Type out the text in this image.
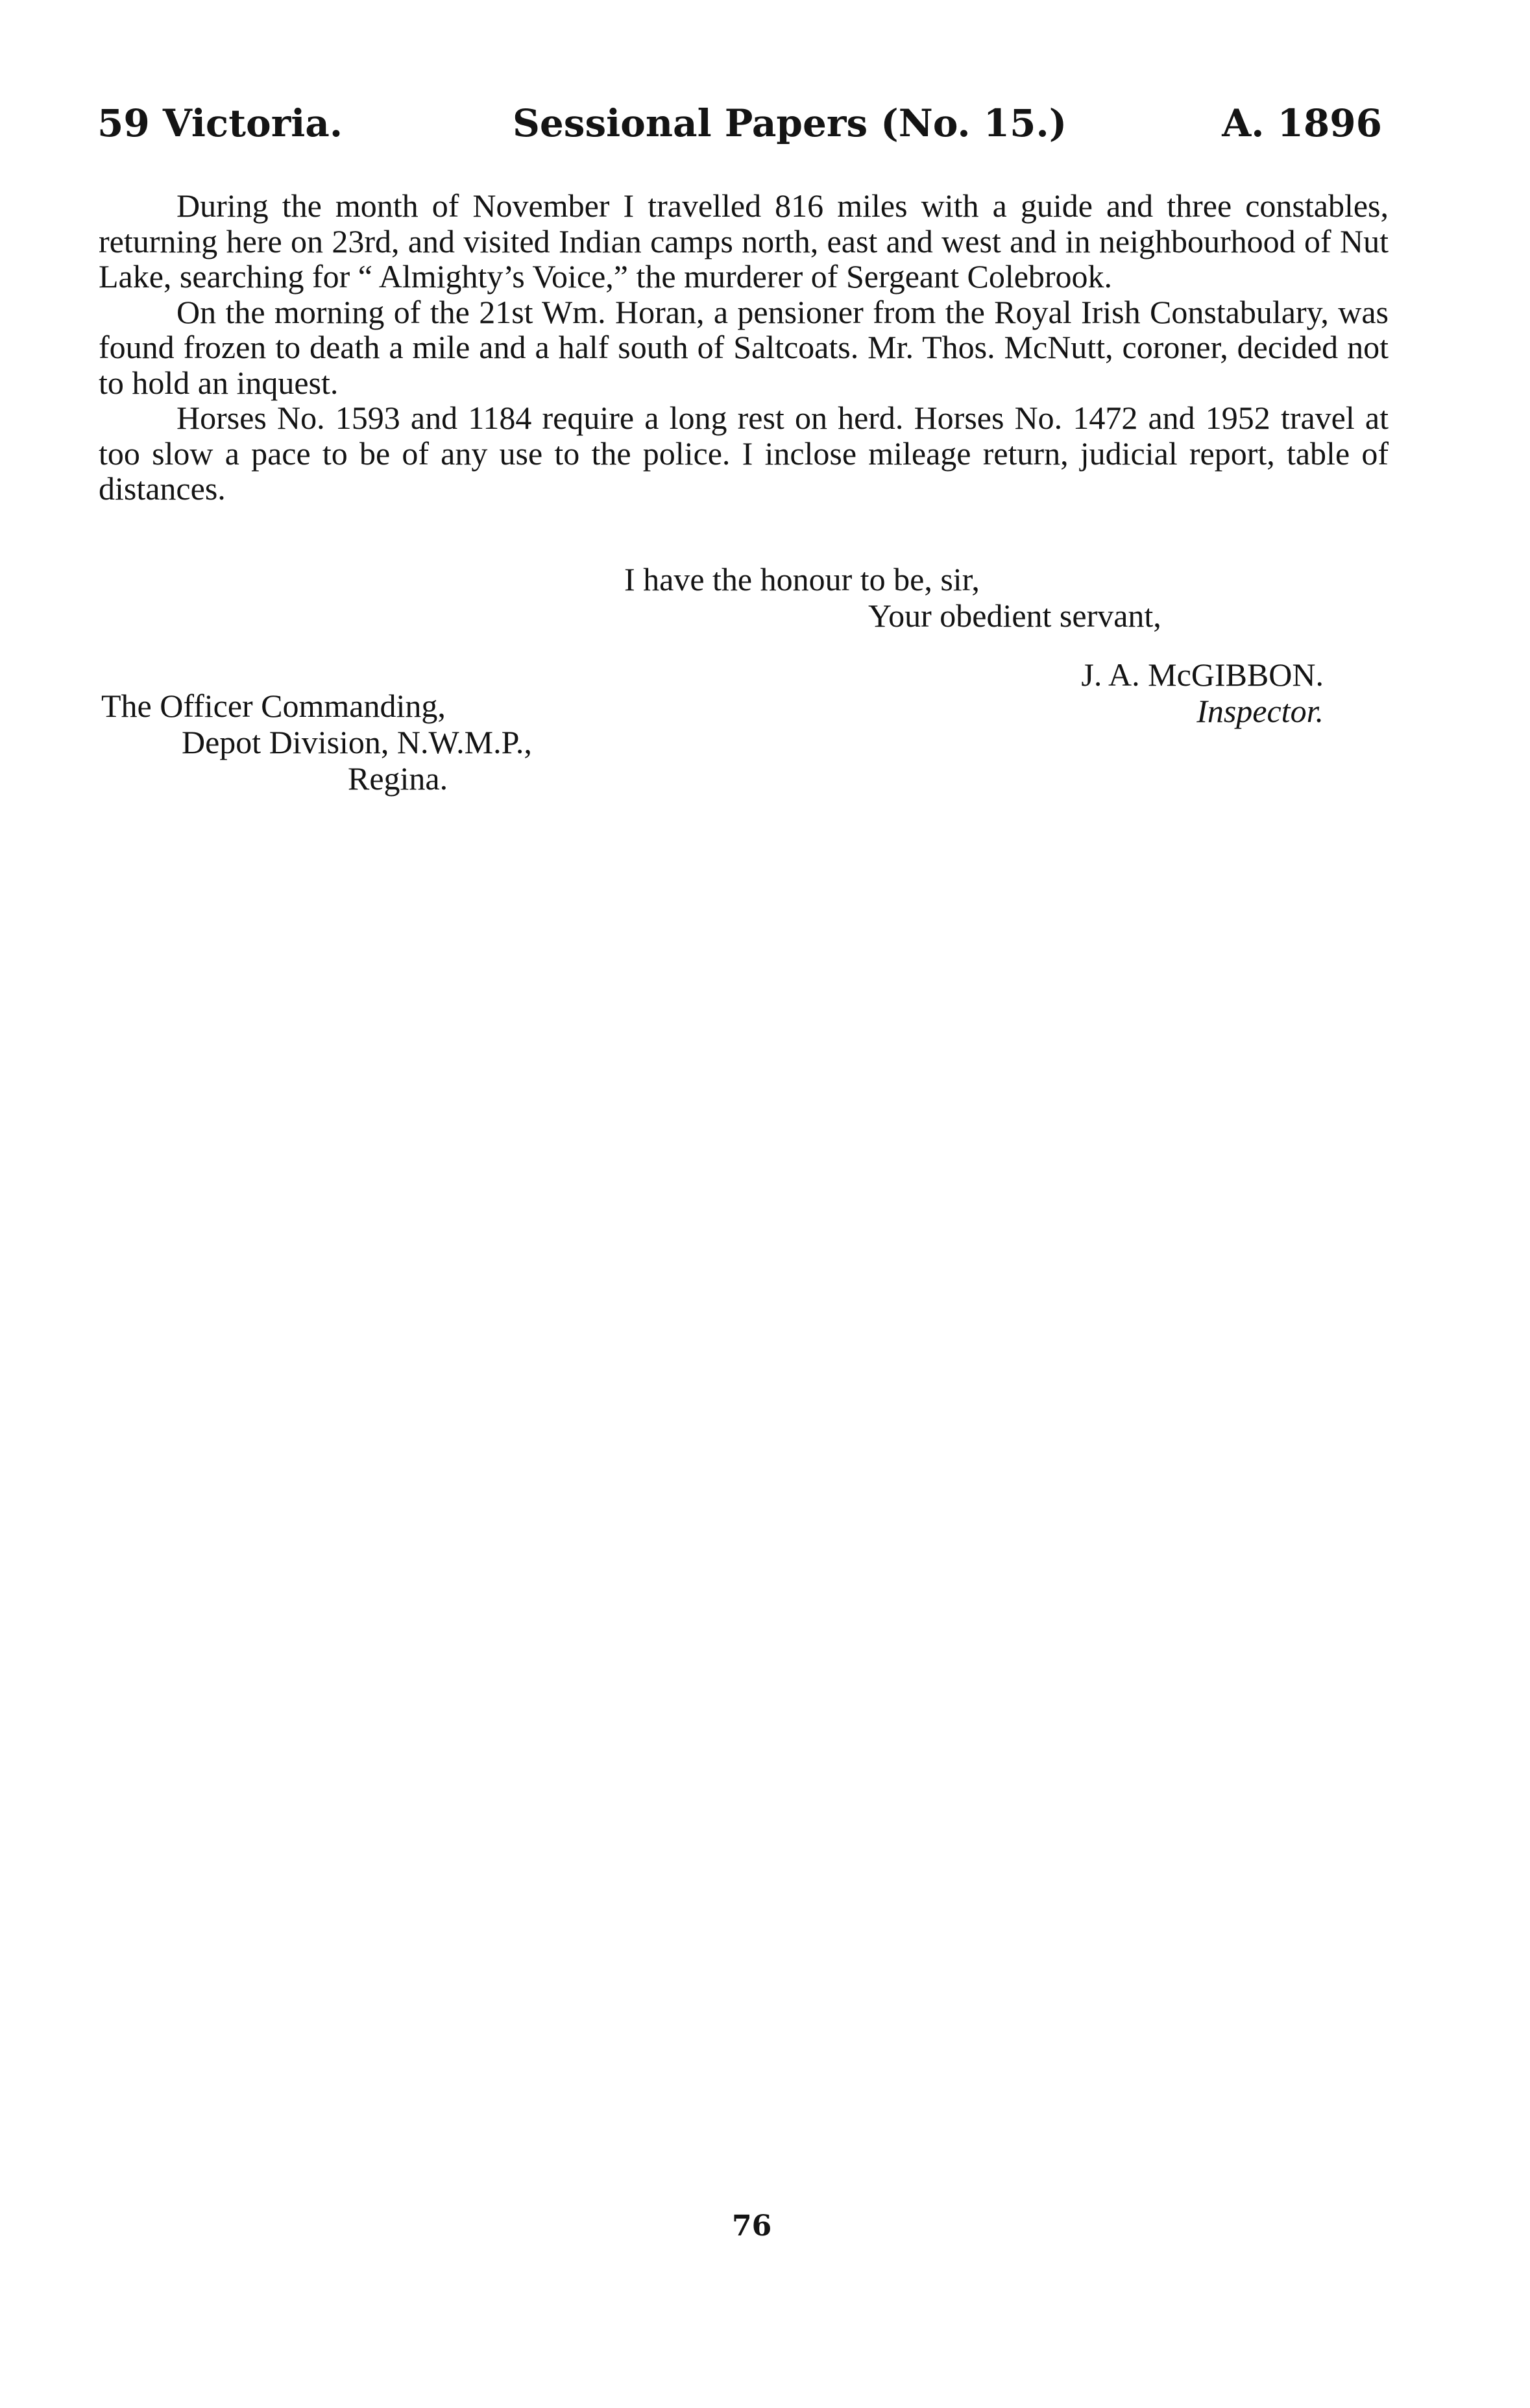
59 Victoria.	Sessional Papers (No. 15.)	A. 1896

During the month of November I travelled 816 miles with a guide and three constables, returning here on 23rd, and visited Indian camps north, east and west and in neighbourhood of Nut Lake, searching for “ Almighty’s Voice,” the murderer of Sergeant Colebrook.

On the morning of the 21st Wm. Horan, a pensioner from the Royal Irish Constabulary, was found frozen to death a mile and a half south of Saltcoats. Mr. Thos. McNutt, coroner, decided not to hold an inquest.

Horses No. 1593 and 1184 require a long rest on herd. Horses No. 1472 and 1952 travel at too slow a pace to be of any use to the police. I inclose mileage return, judicial report, table of distances.

I have the honour to be, sir,
Your obedient servant,
J. A. McGIBBON.
Inspector.
The Officer Commanding,
Depot Division, N.W.M.P.,
Regina.
76
